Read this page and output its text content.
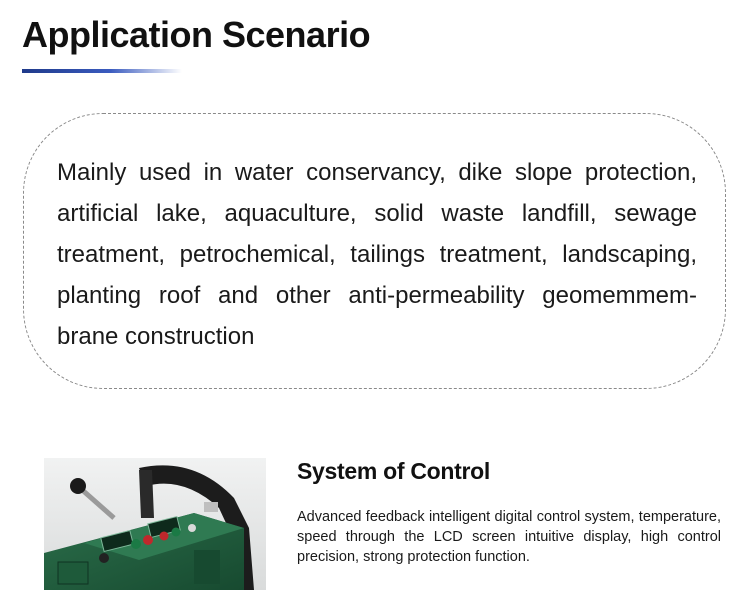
Application Scenario
Mainly used in water conservancy, dike slope protection, artificial lake, aquaculture, solid waste landfill, sewage treatment, petrochemical, tailings treatment, landscaping, planting roof and other anti-permeability geomemmem-brane construction
System of Control
Advanced feedback intelligent digital control system, temperature, speed through the LCD screen intuitive display, high control precision, strong protection function.
